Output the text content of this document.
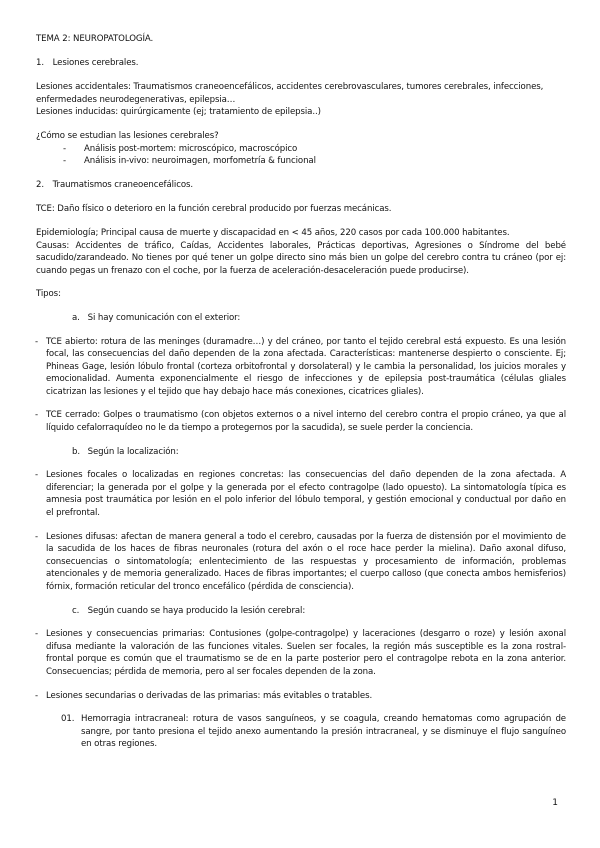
TEMA 2: NEUROPATOLOGÍA.

1. Lesiones cerebrales.

Lesiones accidentales: Traumatismos craneoencefálicos, accidentes cerebrovasculares, tumores cerebrales, infecciones, enfermedades neurodegenerativas, epilepsia…

Lesiones inducidas: quirúrgicamente (ej; tratamiento de epilepsia..)

¿Cómo se estudian las lesiones cerebrales?

- Análisis post-mortem: microscópico, macroscópico
- Análisis in-vivo: neuroimagen, morfometría & funcional

2. Traumatismos craneoencefálicos.

TCE: Daño físico o deterioro en la función cerebral producido por fuerzas mecánicas.

Epidemiología; Principal causa de muerte y discapacidad en < 45 años, 220 casos por cada 100.000 habitantes.

Causas: Accidentes de tráfico, Caídas, Accidentes laborales, Prácticas deportivas, Agresiones o Síndrome del bebé sacudido/zarandeado. No tienes por qué tener un golpe directo sino más bien un golpe del cerebro contra tu cráneo (por ej: cuando pegas un frenazo con el coche, por la fuerza de aceleración-desaceleración puede producirse).

Tipos:

a. Si hay comunicación con el exterior:

- TCE abierto: rotura de las meninges (duramadre…) y del cráneo, por tanto el tejido cerebral está expuesto. Es una lesión focal, las consecuencias del daño dependen de la zona afectada. Características: mantenerse despierto o consciente. Ej; Phineas Gage, lesión lóbulo frontal (corteza orbitofrontal y dorsolateral) y le cambia la personalidad, los juicios morales y emocionalidad. Aumenta exponencialmente el riesgo de infecciones y de epilepsia post-traumática (células gliales cicatrizan las lesiones y el tejido que hay debajo hace más conexiones, cicatrices gliales).
- TCE cerrado: Golpes o traumatismo (con objetos externos o a nivel interno del cerebro contra el propio cráneo, ya que al líquido cefalorraquídeo no le da tiempo a protegernos por la sacudida), se suele perder la conciencia.

b. Según la localización:

- Lesiones focales o localizadas en regiones concretas: las consecuencias del daño dependen de la zona afectada. A diferenciar; la generada por el golpe y la generada por el efecto contragolpe (lado opuesto). La sintomatología típica es amnesia post traumática por lesión en el polo inferior del lóbulo temporal, y gestión emocional y conductual por daño en el prefrontal.
- Lesiones difusas: afectan de manera general a todo el cerebro, causadas por la fuerza de distensión por el movimiento de la sacudida de los haces de fibras neuronales (rotura del axón o el roce hace perder la mielina). Daño axonal difuso, consecuencias o sintomatología; enlentecimiento de las respuestas y procesamiento de información, problemas atencionales y de memoria generalizado. Haces de fibras importantes; el cuerpo calloso (que conecta ambos hemisferios) fórnix, formación reticular del tronco encefálico (pérdida de consciencia).

c. Según cuando se haya producido la lesión cerebral:

- Lesiones y consecuencias primarias: Contusiones (golpe-contragolpe) y laceraciones (desgarro o roze) y lesión axonal difusa mediante la valoración de las funciones vitales. Suelen ser focales, la región más susceptible es la zona rostral-frontal porque es común que el traumatismo se de en la parte posterior pero el contragolpe rebota en la zona anterior. Consecuencias; pérdida de memoria, pero al ser focales dependen de la zona.
- Lesiones secundarias o derivadas de las primarias: más evitables o tratables.
01. Hemorragia intracraneal: rotura de vasos sanguíneos, y se coagula, creando hematomas como agrupación de sangre, por tanto presiona el tejido anexo aumentando la presión intracraneal, y se disminuye el flujo sanguíneo en otras regiones.
1
